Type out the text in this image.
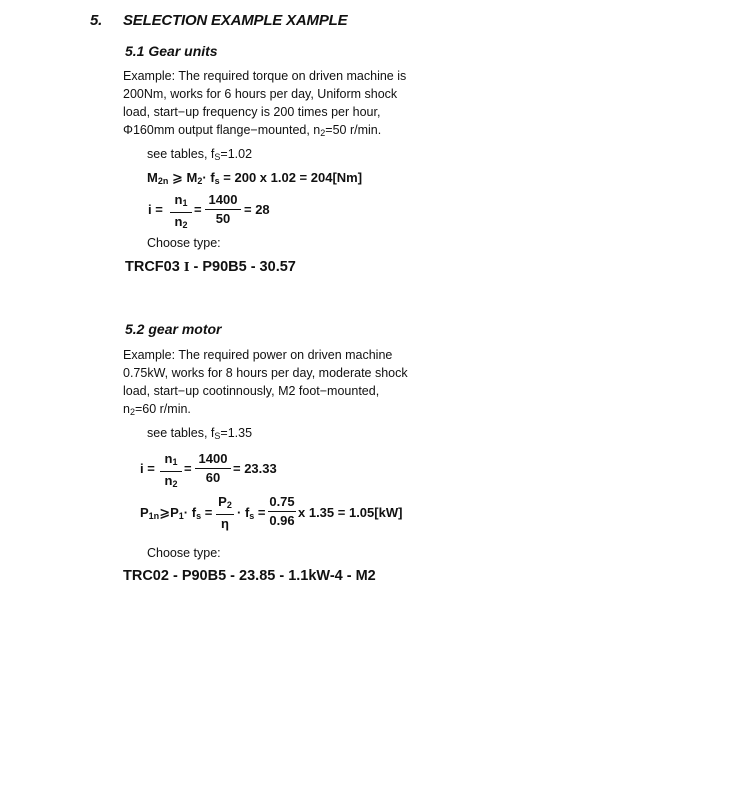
5. SELECTION EXAMPLE XAMPLE
5.1 Gear units
Example: The required torque on driven machine is
200Nm, works for 6 hours per day, Uniform shock
load, start−up frequency is 200 times per hour,
Φ160mm output flange−mounted, $n_2=50$ r/min.
see tables, $f_S=1.02$
$M_{2n}$ ⩾ $M_2\cdot f_s = 200$ x 1.02 = 204[Nm]
i =
$n_1$
$n_2$
=
1400
50
= 28
Choose type:
TRCF03 I - P90B5 - 30.57
5.2 gear motor
Example: The required power on driven machine
0.75kW, works for 8 hours per day, moderate shock
load, start−up cootinnously, M2 foot−mounted,
$n_2=60$ r/min.
see tables, $f_S=1.35$
i =
$n_1$
$n_2$
=
1400
60
= 23.33
$P_{1n}⩾P_1\cdot f_s$ =
$P_2$
η
· $f_s$ =
0.75
0.96
x 1.35 = 1.05[kW]
Choose type:
TRC02 - P90B5 - 23.85 - 1.1kW-4 - M2
